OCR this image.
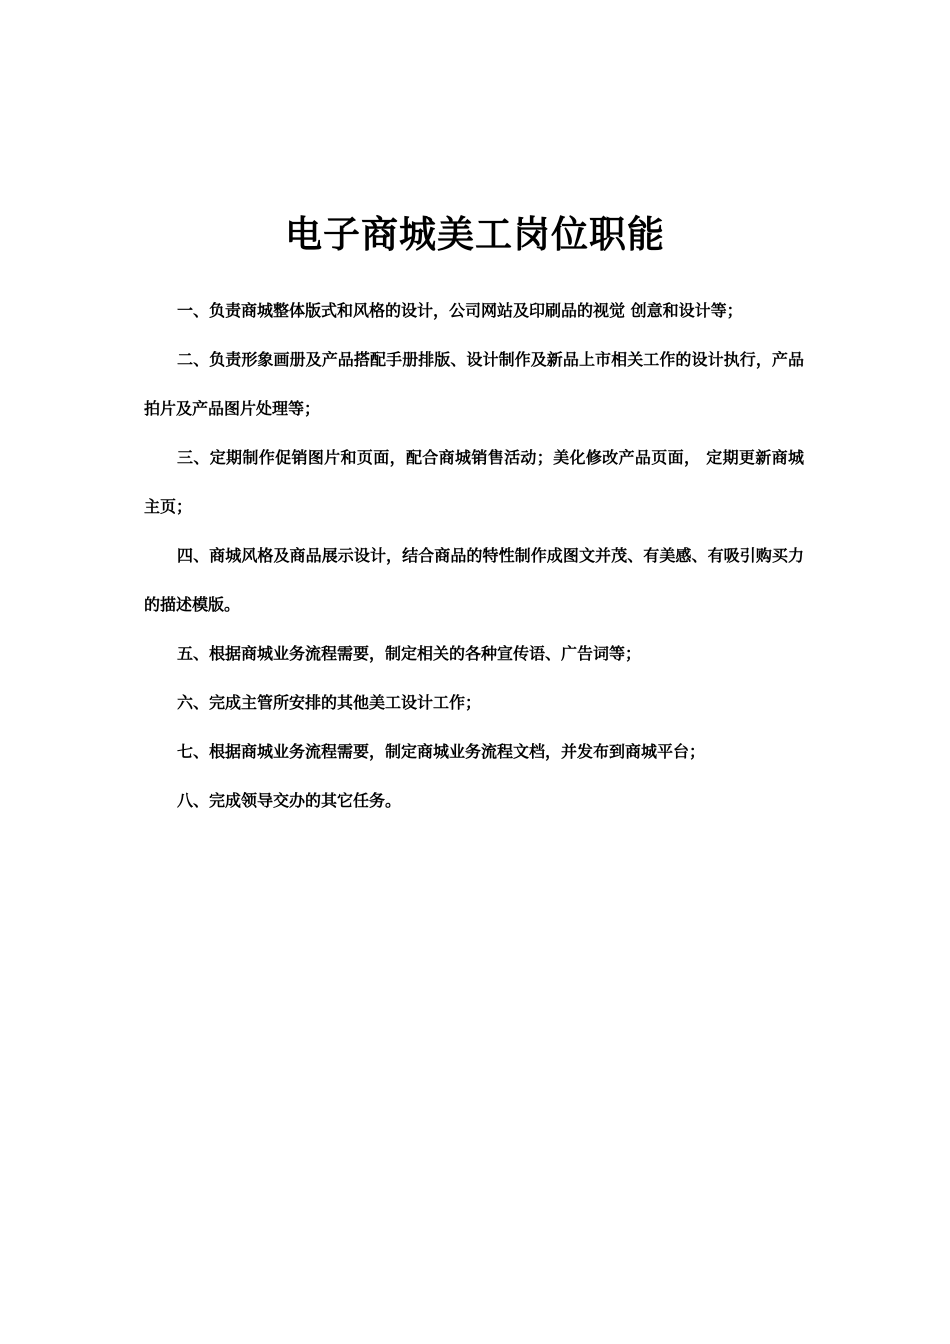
电子商城美工岗位职能

一、负责商城整体版式和风格的设计，公司网站及印刷品的视觉 创意和设计等；

二、负责形象画册及产品搭配手册排版、设计制作及新品上市相关工作的设计执行，产品拍片及产品图片处理等；

三、定期制作促销图片和页面，配合商城销售活动；美化修改产品页面， 定期更新商城主页；

四、商城风格及商品展示设计，结合商品的特性制作成图文并茂、有美感、有吸引购买力的描述模版。

五、根据商城业务流程需要，制定相关的各种宣传语、广告词等；

六、完成主管所安排的其他美工设计工作；

七、根据商城业务流程需要，制定商城业务流程文档，并发布到商城平台；

八、完成领导交办的其它任务。
